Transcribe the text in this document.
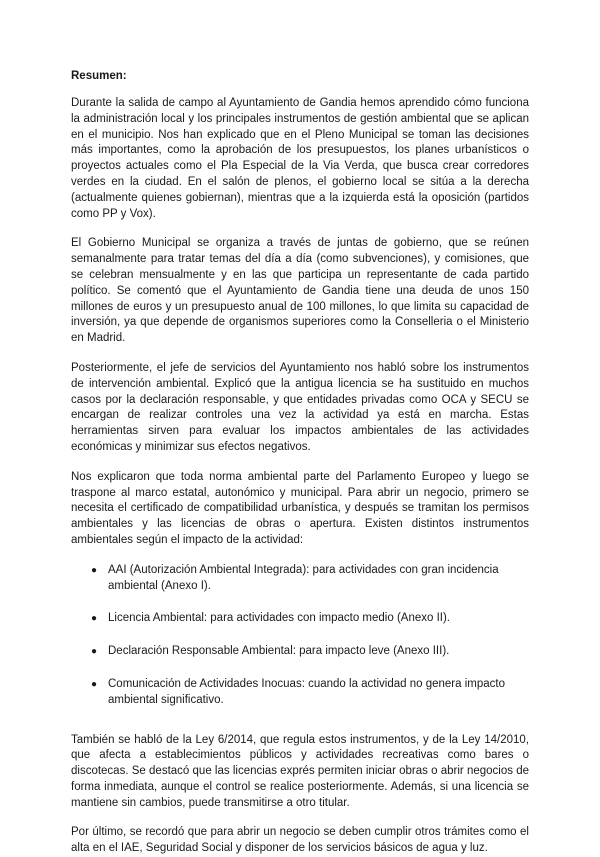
Resumen:

Durante la salida de campo al Ayuntamiento de Gandia hemos aprendido cómo funciona la administración local y los principales instrumentos de gestión ambiental que se aplican en el municipio. Nos han explicado que en el Pleno Municipal se toman las decisiones más importantes, como la aprobación de los presupuestos, los planes urbanísticos o proyectos actuales como el Pla Especial de la Via Verda, que busca crear corredores verdes en la ciudad. En el salón de plenos, el gobierno local se sitúa a la derecha (actualmente quienes gobiernan), mientras que a la izquierda está la oposición (partidos como PP y Vox).

El Gobierno Municipal se organiza a través de juntas de gobierno, que se reúnen semanalmente para tratar temas del día a día (como subvenciones), y comisiones, que se celebran mensualmente y en las que participa un representante de cada partido político. Se comentó que el Ayuntamiento de Gandia tiene una deuda de unos 150 millones de euros y un presupuesto anual de 100 millones, lo que limita su capacidad de inversión, ya que depende de organismos superiores como la Conselleria o el Ministerio en Madrid.

Posteriormente, el jefe de servicios del Ayuntamiento nos habló sobre los instrumentos de intervención ambiental. Explicó que la antigua licencia se ha sustituido en muchos casos por la declaración responsable, y que entidades privadas como OCA y SECU se encargan de realizar controles una vez la actividad ya está en marcha. Estas herramientas sirven para evaluar los impactos ambientales de las actividades económicas y minimizar sus efectos negativos.

Nos explicaron que toda norma ambiental parte del Parlamento Europeo y luego se traspone al marco estatal, autonómico y municipal. Para abrir un negocio, primero se necesita el certificado de compatibilidad urbanística, y después se tramitan los permisos ambientales y las licencias de obras o apertura. Existen distintos instrumentos ambientales según el impacto de la actividad:

● AAI (Autorización Ambiental Integrada): para actividades con gran incidencia ambiental (Anexo I).
● Licencia Ambiental: para actividades con impacto medio (Anexo II).
● Declaración Responsable Ambiental: para impacto leve (Anexo III).
● Comunicación de Actividades Inocuas: cuando la actividad no genera impacto ambiental significativo.

También se habló de la Ley 6/2014, que regula estos instrumentos, y de la Ley 14/2010, que afecta a establecimientos públicos y actividades recreativas como bares o discotecas. Se destacó que las licencias exprés permiten iniciar obras o abrir negocios de forma inmediata, aunque el control se realice posteriormente. Además, si una licencia se mantiene sin cambios, puede transmitirse a otro titular.

Por último, se recordó que para abrir un negocio se deben cumplir otros trámites como el alta en el IAE, Seguridad Social y disponer de los servicios básicos de agua y luz.
